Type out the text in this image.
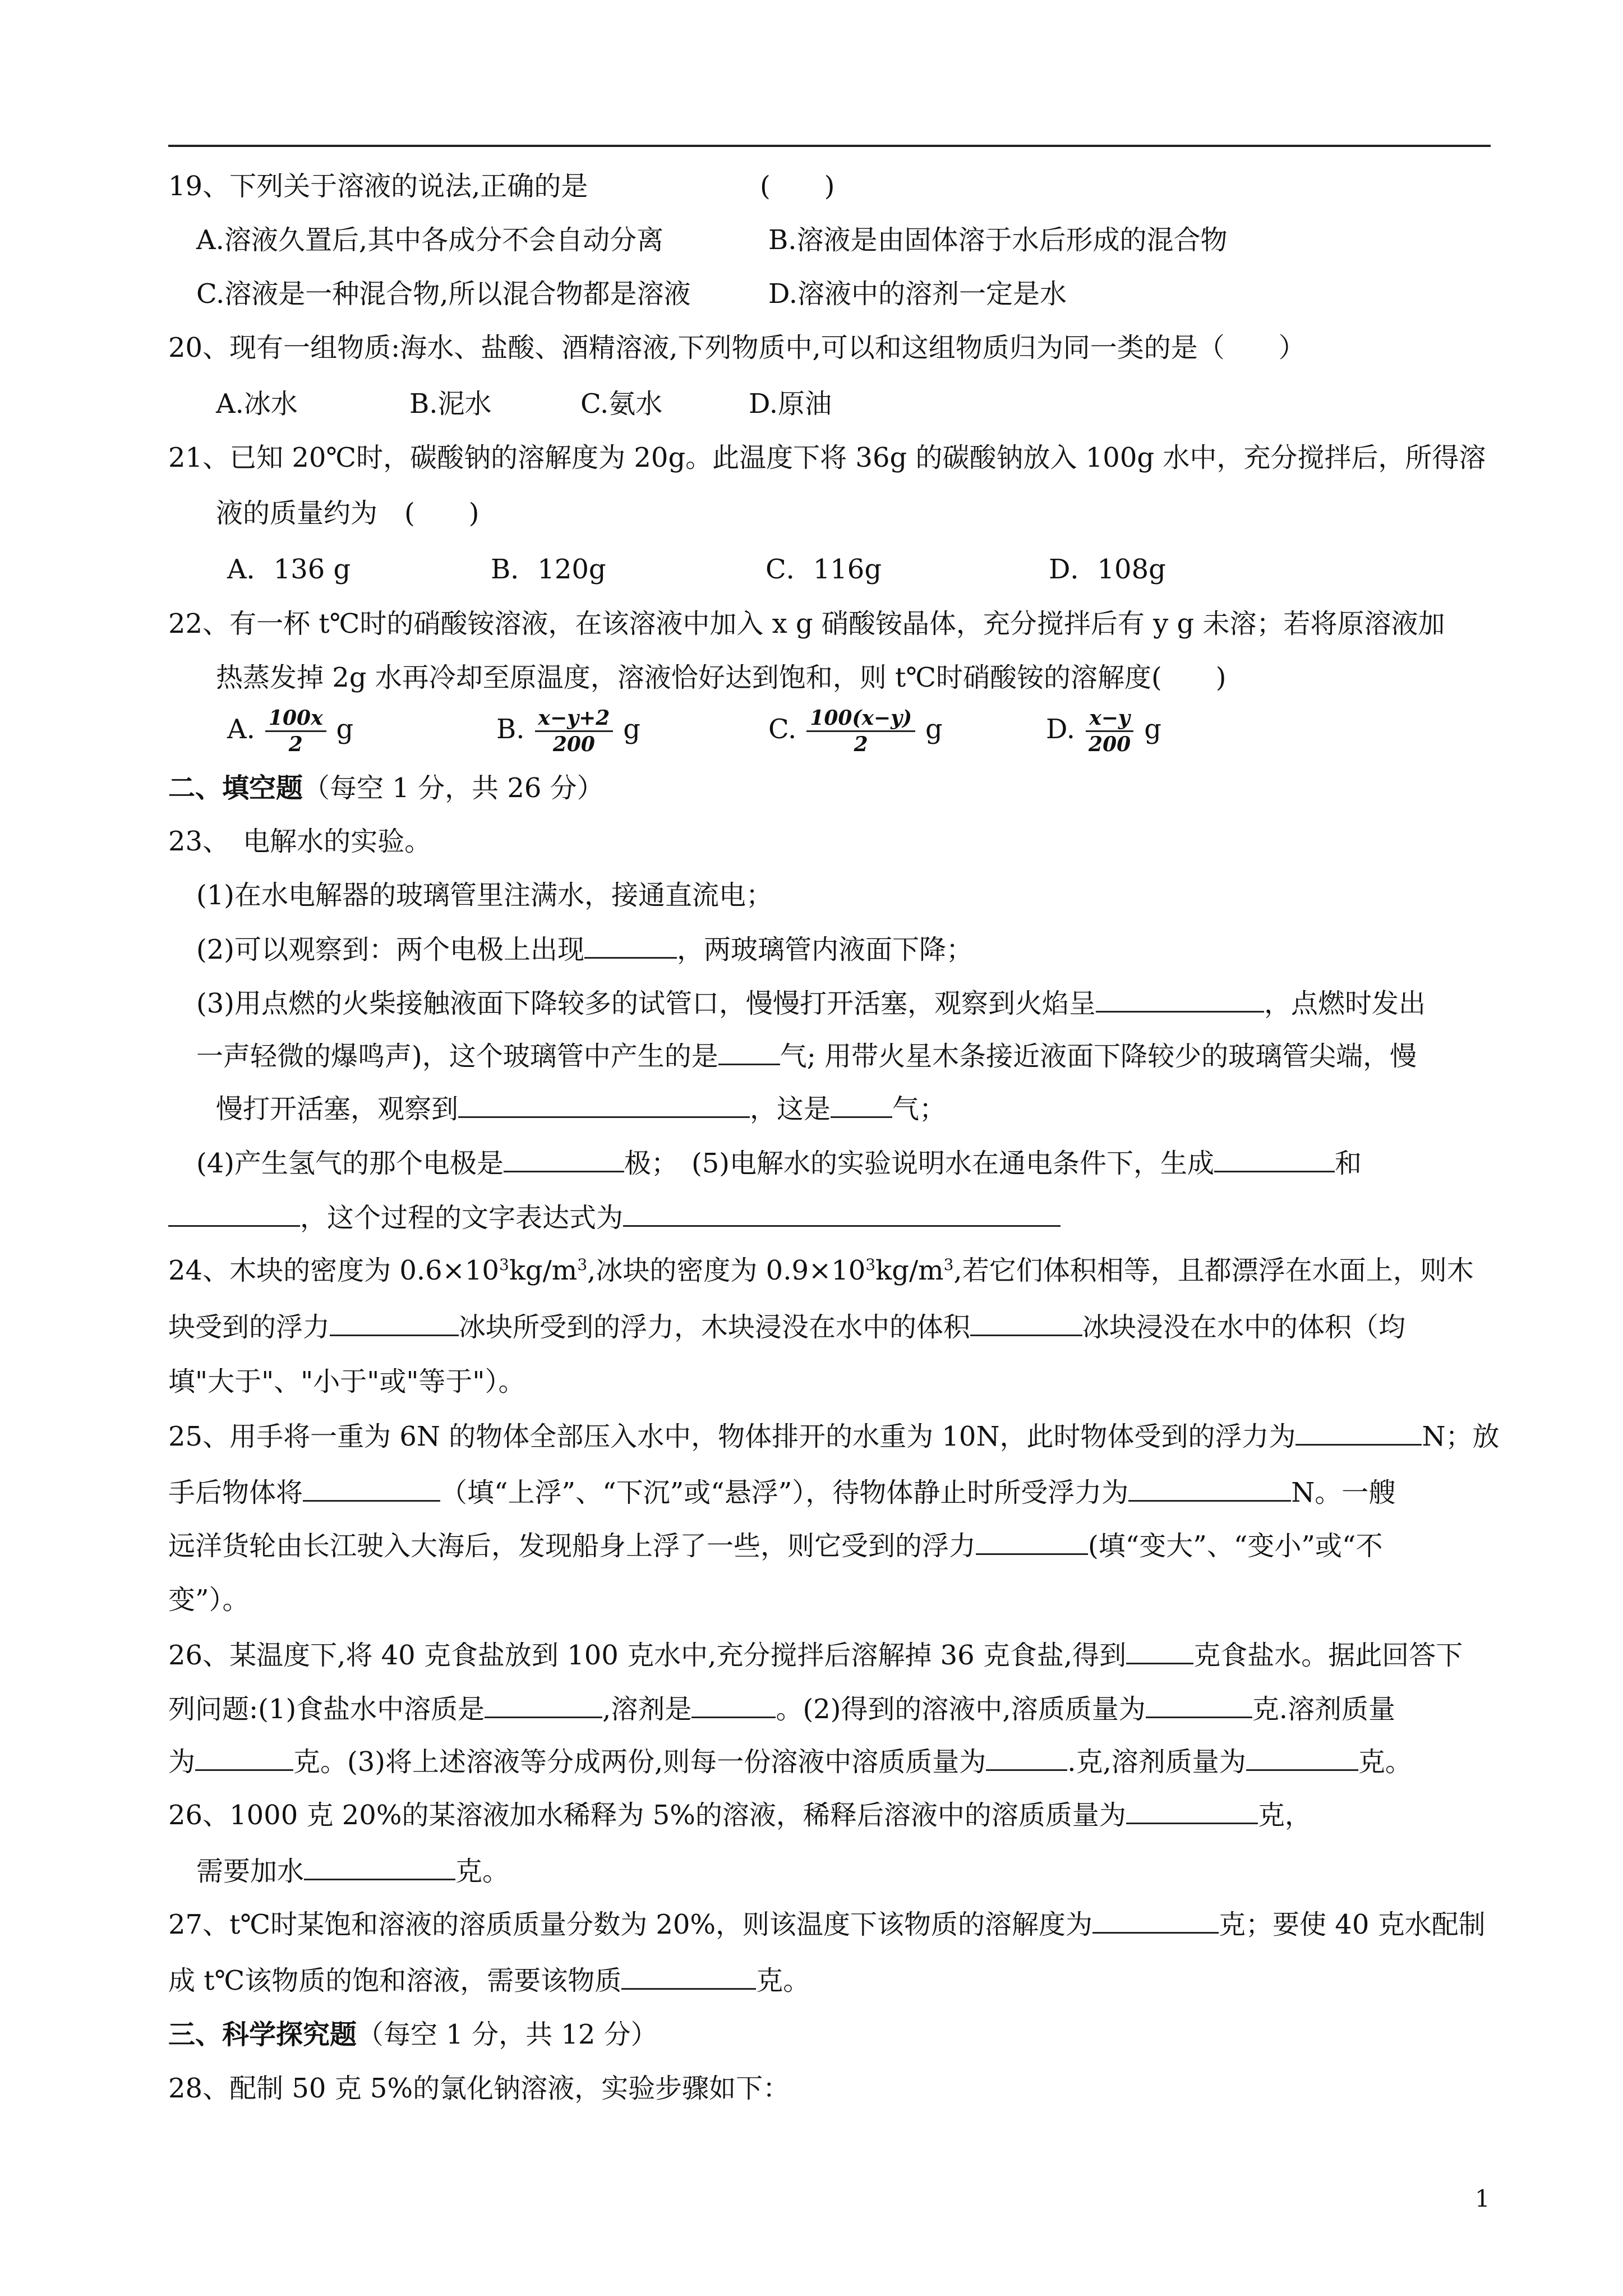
19、下列关于溶液的说法,正确的是	(　　)
A.溶液久置后,其中各成分不会自动分离	B.溶液是由固体溶于水后形成的混合物
C.溶液是一种混合物,所以混合物都是溶液	D.溶液中的溶剂一定是水
20、现有一组物质:海水、盐酸、酒精溶液,下列物质中,可以和这组物质归为同一类的是（　　）
A.冰水	B.泥水	C.氨水	D.原油
21、已知 20℃时，碳酸钠的溶解度为 20g。此温度下将 36g 的碳酸钠放入 100g 水中，充分搅拌后，所得溶
液的质量约为　(　　)
A．136 g	B．120g	C．116g	D．108g
22、有一杯 t℃时的硝酸铵溶液，在该溶液中加入 x g 硝酸铵晶体，充分搅拌后有 y g 未溶；若将原溶液加
热蒸发掉 2g 水再冷却至原温度，溶液恰好达到饱和，则 t℃时硝酸铵的溶解度(　　)
A. $\frac{100x}{2}$ g	B. $\frac{x-y+2}{200}$ g	C. $\frac{100(x-y)}{2}$ g	D. $\frac{x-y}{200}$ g
二、填空题（每空 1 分，共 26 分）
23、　电解水的实验。
(1)在水电解器的玻璃管里注满水，接通直流电；
(2)可以观察到：两个电极上出现	，两玻璃管内液面下降；
(3)用点燃的火柴接触液面下降较多的试管口，慢慢打开活塞，观察到火焰呈	，点燃时发出
一声轻微的爆鸣声)，这个玻璃管中产生的是 气; 用带火星木条接近液面下降较少的玻璃管尖端，慢
慢打开活塞，观察到	，这是 气；
(4)产生氢气的那个电极是	极；　(5)电解水的实验说明水在通电条件下，生成	和
，这个过程的文字表达式为
24、木块的密度为 $0.6\times 10^3kg/m^3$,冰块的密度为 $0.9\times 10^3kg/m^3$,若它们体积相等，且都漂浮在水面上，则木
块受到的浮力	冰块所受到的浮力，木块浸没在水中的体积	冰块浸没在水中的体积（均
填"大于"、"小于"或"等于"）。
25、用手将一重为 6N 的物体全部压入水中，物体排开的水重为 10N，此时物体受到的浮力为	N；放
手后物体将	（填“上浮”、“下沉”或“悬浮”），待物体静止时所受浮力为	N。一艘
远洋货轮由长江驶入大海后，发现船身上浮了一些，则它受到的浮力	(填“变大”、“变小”或“不
变”）。
26、某温度下,将 40 克食盐放到 100 克水中,充分搅拌后溶解掉 36 克食盐,得到	克食盐水。据此回答下
列问题:(1)食盐水中溶质是	,溶剂是	。(2)得到的溶液中,溶质质量为	克.溶剂质量
为	克。(3)将上述溶液等分成两份,则每一份溶液中溶质质量为	.克,溶剂质量为	克。
26、1000 克 20%的某溶液加水稀释为 5%的溶液，稀释后溶液中的溶质质量为	克，
需要加水	克。
27、t℃时某饱和溶液的溶质质量分数为 20%，则该温度下该物质的溶解度为	克；要使 40 克水配制
成 t℃该物质的饱和溶液，需要该物质	克。
三、科学探究题（每空 1 分，共 12 分）
28、配制 50 克 5%的氯化钠溶液，实验步骤如下：
1
